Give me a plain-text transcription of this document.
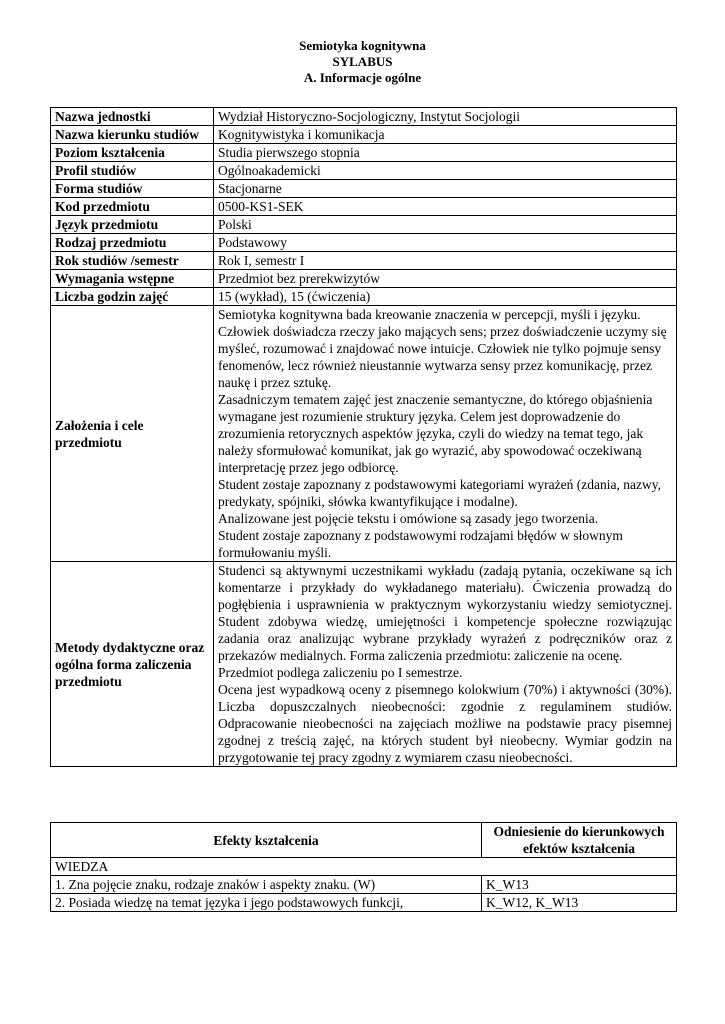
Semiotyka kognitywna
SYLABUS
A. Informacje ogólne
Nazwa jednostki	Wydział Historyczno-Socjologiczny, Instytut Socjologii
Nazwa kierunku studiów	Kognitywistyka i komunikacja
Poziom kształcenia	Studia pierwszego stopnia
Profil studiów	Ogólnoakademicki
Forma studiów	Stacjonarne
Kod przedmiotu	0500-KS1-SEK
Język przedmiotu	Polski
Rodzaj przedmiotu	Podstawowy
Rok studiów /semestr	Rok I, semestr I
Wymagania wstępne	Przedmiot bez prerekwizytów
Liczba godzin zajęć	15 (wykład), 15 (ćwiczenia)
Założenia i cele przedmiotu	Semiotyka kognitywna bada kreowanie znaczenia w percepcji, myśli i języku. Człowiek doświadcza rzeczy jako mających sens; przez doświadczenie uczymy się myśleć, rozumować i znajdować nowe intuicje. Człowiek nie tylko pojmuje sensy fenomenów, lecz również nieustannie wytwarza sensy przez komunikację, przez naukę i przez sztukę.
Zasadniczym tematem zajęć jest znaczenie semantyczne, do którego objaśnienia wymagane jest rozumienie struktury języka. Celem jest doprowadzenie do zrozumienia retorycznych aspektów języka, czyli do wiedzy na temat tego, jak należy sformułować komunikat, jak go wyrazić, aby spowodować oczekiwaną interpretację przez jego odbiorcę.
Student zostaje zapoznany z podstawowymi kategoriami wyrażeń (zdania, nazwy, predykaty, spójniki, słówka kwantyfikujące i modalne).
Analizowane jest pojęcie tekstu i omówione są zasady jego tworzenia.
Student zostaje zapoznany z podstawowymi rodzajami błędów w słownym formułowaniu myśli.

Metody dydaktyczne oraz ogólna forma zaliczenia przedmiotu	Studenci są aktywnymi uczestnikami wykładu (zadają pytania, oczekiwane są ich komentarze i przykłady do wykładanego materiału). Ćwiczenia prowadzą do pogłębienia i usprawnienia w praktycznym wykorzystaniu wiedzy semiotycznej. Student zdobywa wiedzę, umiejętności i kompetencje społeczne rozwiązując zadania oraz analizując wybrane przykłady wyrażeń z podręczników oraz z przekazów medialnych. Forma zaliczenia przedmiotu: zaliczenie na ocenę.
Przedmiot podlega zaliczeniu po I semestrze.
Ocena jest wypadkową oceny z pisemnego kolokwium (70%) i aktywności (30%). Liczba dopuszczalnych nieobecności: zgodnie z regulaminem studiów. Odpracowanie nieobecności na zajęciach możliwe na podstawie pracy pisemnej zgodnej z treścią zajęć, na których student był nieobecny. Wymiar godzin na przygotowanie tej pracy zgodny z wymiarem czasu nieobecności.
Efekty kształcenia	Odniesienie do kierunkowych efektów kształcenia
WIEDZA	
1. Zna pojęcie znaku, rodzaje znaków i aspekty znaku. (W)	K_W13
2. Posiada wiedzę na temat języka i jego podstawowych funkcji,	K_W12, K_W13
